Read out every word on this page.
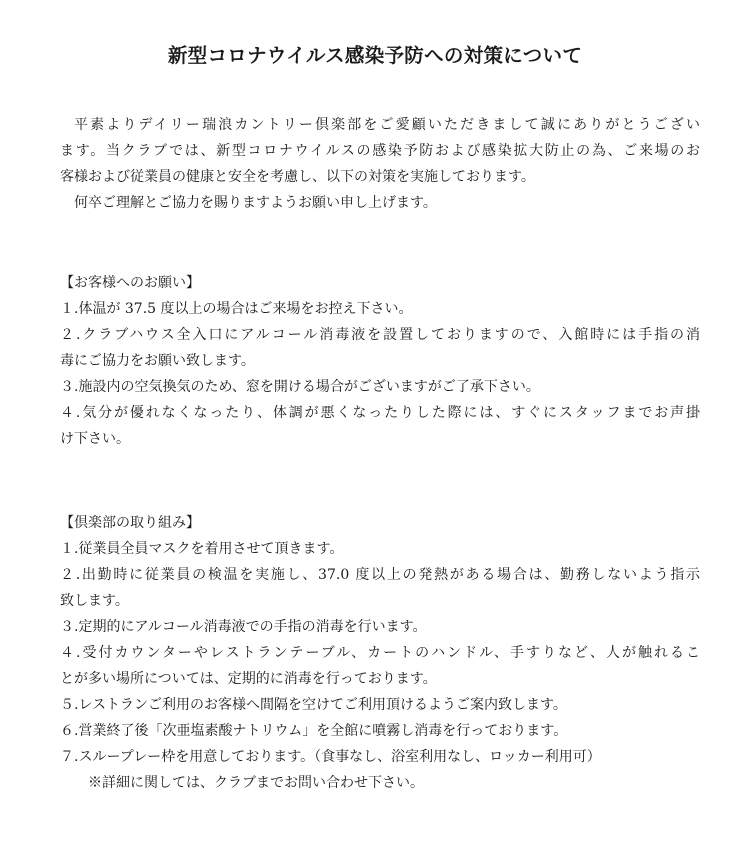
新型コロナウイルス感染予防への対策について
平素よりデイリー瑞浪カントリー倶楽部をご愛顧いただきまして誠にありがとうござい
ます。当クラブでは、新型コロナウイルスの感染予防および感染拡大防止の為、ご来場のお
客様および従業員の健康と安全を考慮し、以下の対策を実施しております。
何卒ご理解とご協力を賜りますようお願い申し上げます。
【お客様へのお願い】
１.体温が 37.5 度以上の場合はご来場をお控え下さい。
２.クラブハウス全入口にアルコール消毒液を設置しておりますので、入館時には手指の消
毒にご協力をお願い致します。
３.施設内の空気換気のため、窓を開ける場合がございますがご了承下さい。
４.気分が優れなくなったり、体調が悪くなったりした際には、すぐにスタッフまでお声掛
け下さい。
【倶楽部の取り組み】
１.従業員全員マスクを着用させて頂きます。
２.出勤時に従業員の検温を実施し、37.0 度以上の発熱がある場合は、勤務しないよう指示
致します。
３.定期的にアルコール消毒液での手指の消毒を行います。
４.受付カウンターやレストランテーブル、カートのハンドル、手すりなど、人が触れるこ
とが多い場所については、定期的に消毒を行っております。
５.レストランご利用のお客様へ間隔を空けてご利用頂けるようご案内致します。
６.営業終了後「次亜塩素酸ナトリウム」を全館に噴霧し消毒を行っております。
７.スループレー枠を用意しております。（食事なし、浴室利用なし、ロッカー利用可）
※詳細に関しては、クラブまでお問い合わせ下さい。
